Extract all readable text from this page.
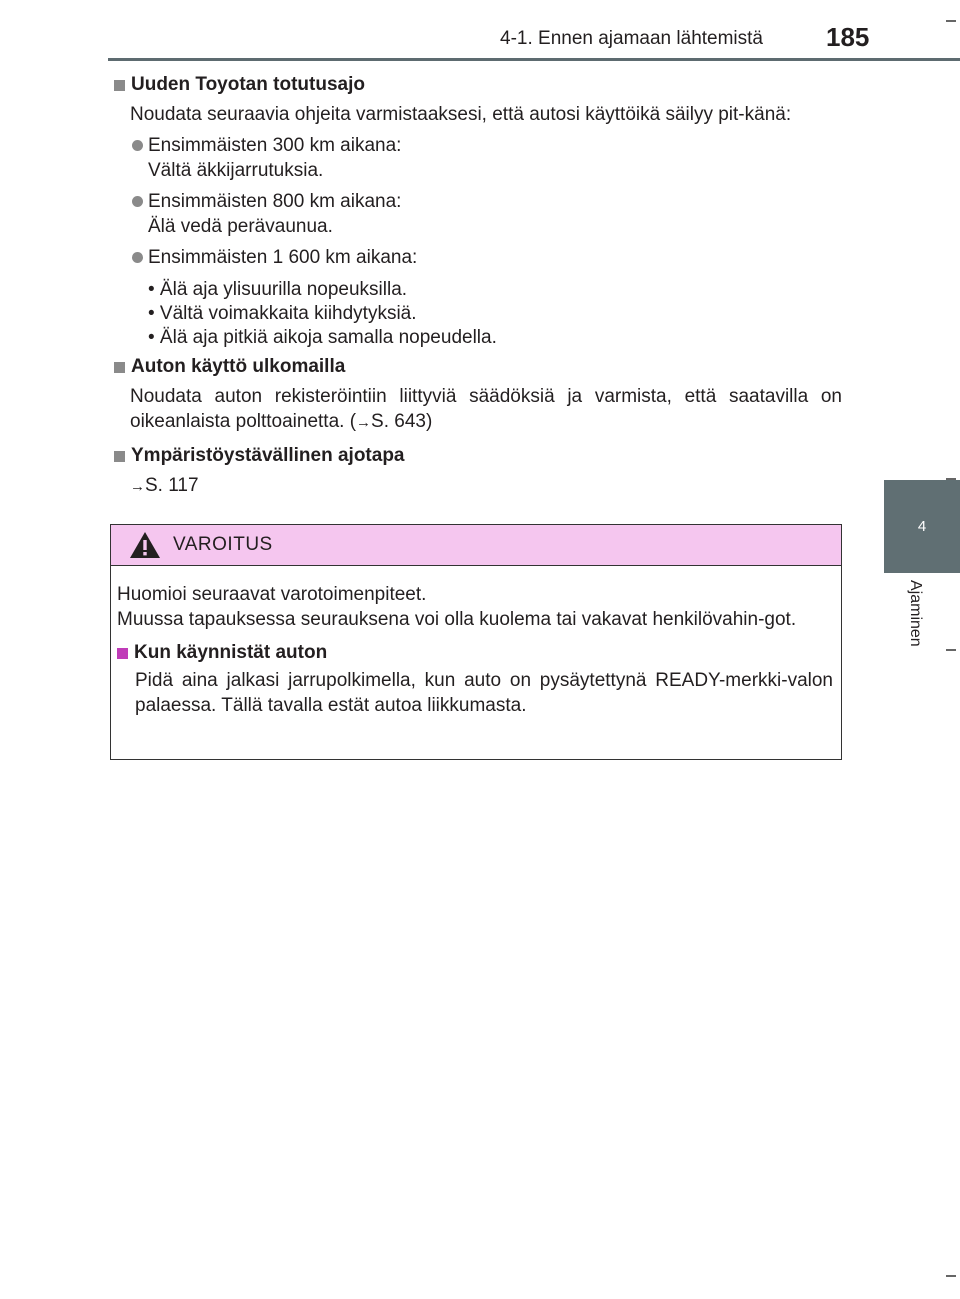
4-1. Ennen ajamaan lähtemistä 185
4
Ajaminen
Uuden Toyotan totutusajo
Noudata seuraavia ohjeita varmistaaksesi, että autosi käyttöikä säilyy pit-känä:
Ensimmäisten 300 km aikana:
Vältä äkkijarrutuksia.
Ensimmäisten 800 km aikana:
Älä vedä perävaunua.
Ensimmäisten 1 600 km aikana:
• Älä aja ylisuurilla nopeuksilla.
• Vältä voimakkaita kiihdytyksiä.
• Älä aja pitkiä aikoja samalla nopeudella.
Auton käyttö ulkomailla
Noudata auton rekisteröintiin liittyviä säädöksiä ja varmista, että saatavilla on oikeanlaista polttoainetta. (→S. 643)
Ympäristöystävällinen ajotapa
→S. 117
VAROITUS
Huomioi seuraavat varotoimenpiteet.
Muussa tapauksessa seurauksena voi olla kuolema tai vakavat henkilövahin-got.
Kun käynnistät auton
Pidä aina jalkasi jarrupolkimella, kun auto on pysäytettynä READY-merkki-valon palaessa. Tällä tavalla estät autoa liikkumasta.
